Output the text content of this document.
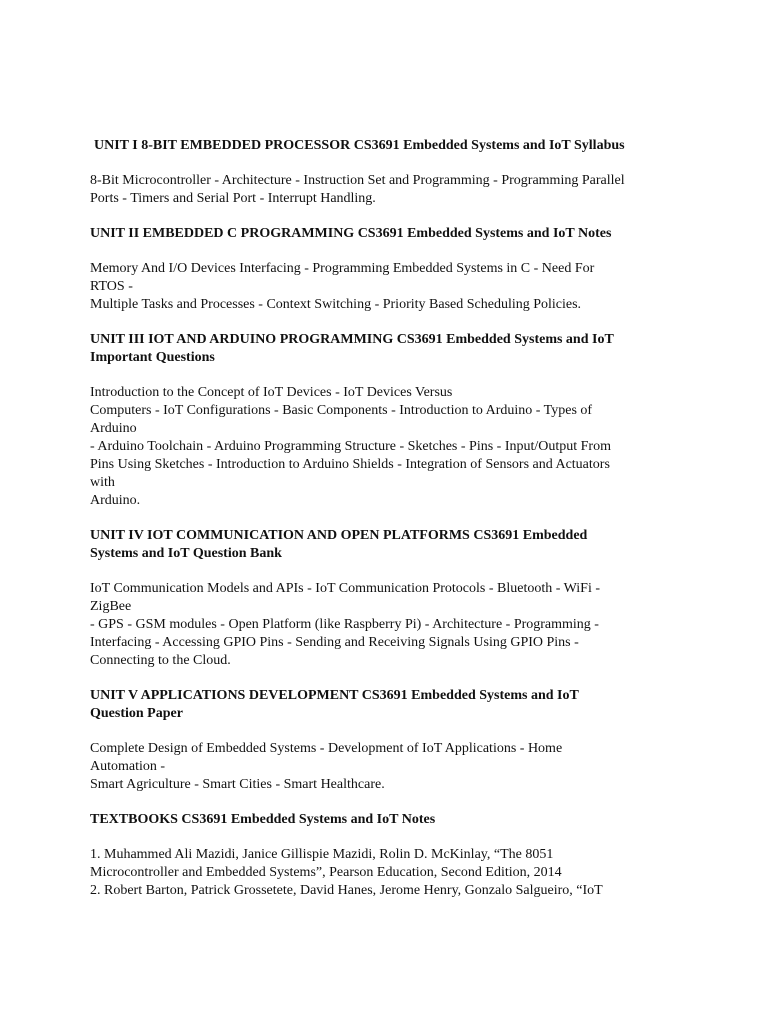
UNIT I 8-BIT EMBEDDED PROCESSOR CS3691 Embedded Systems and IoT Syllabus

8-Bit Microcontroller - Architecture - Instruction Set and Programming - Programming Parallel
Ports - Timers and Serial Port - Interrupt Handling.

UNIT II EMBEDDED C PROGRAMMING CS3691 Embedded Systems and IoT Notes

Memory And I/O Devices Interfacing - Programming Embedded Systems in C - Need For
RTOS -
Multiple Tasks and Processes - Context Switching - Priority Based Scheduling Policies.

UNIT III IOT AND ARDUINO PROGRAMMING CS3691 Embedded Systems and IoT
Important Questions

Introduction to the Concept of IoT Devices - IoT Devices Versus
Computers - IoT Configurations - Basic Components - Introduction to Arduino - Types of
Arduino
- Arduino Toolchain - Arduino Programming Structure - Sketches - Pins - Input/Output From
Pins Using Sketches - Introduction to Arduino Shields - Integration of Sensors and Actuators
with
Arduino.

UNIT IV IOT COMMUNICATION AND OPEN PLATFORMS CS3691 Embedded
Systems and IoT Question Bank

IoT Communication Models and APIs - IoT Communication Protocols - Bluetooth - WiFi -
ZigBee
- GPS - GSM modules - Open Platform (like Raspberry Pi) - Architecture - Programming -
Interfacing - Accessing GPIO Pins - Sending and Receiving Signals Using GPIO Pins -
Connecting to the Cloud.

UNIT V APPLICATIONS DEVELOPMENT CS3691 Embedded Systems and IoT
Question Paper

Complete Design of Embedded Systems - Development of IoT Applications - Home
Automation -
Smart Agriculture - Smart Cities - Smart Healthcare.

TEXTBOOKS CS3691 Embedded Systems and IoT Notes

1. Muhammed Ali Mazidi, Janice Gillispie Mazidi, Rolin D. McKinlay, “The 8051
Microcontroller and Embedded Systems”, Pearson Education, Second Edition, 2014
2. Robert Barton, Patrick Grossetete, David Hanes, Jerome Henry, Gonzalo Salgueiro, “IoT
